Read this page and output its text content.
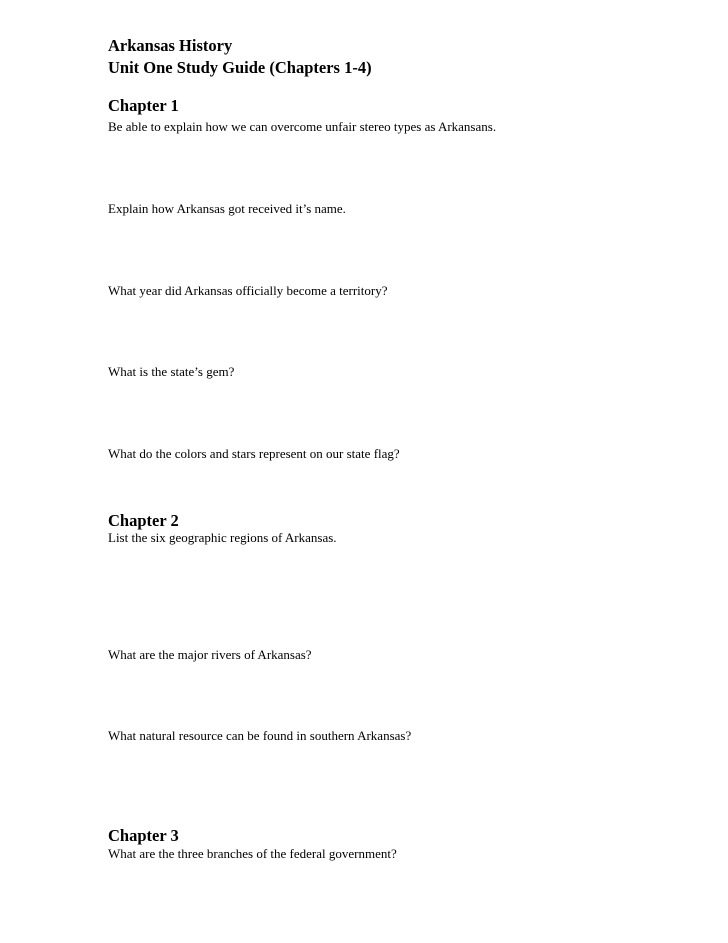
Arkansas History
Unit One Study Guide (Chapters 1-4)
Chapter 1
Be able to explain how we can overcome unfair stereo types as Arkansans.
Explain how Arkansas got received it’s name.
What year did Arkansas officially become a territory?
What is the state’s gem?
What do the colors and stars represent on our state flag?
Chapter 2
List the six geographic regions of Arkansas.
What are the major rivers of Arkansas?
What natural resource can be found in southern Arkansas?
Chapter 3
What are the three branches of the federal government?
